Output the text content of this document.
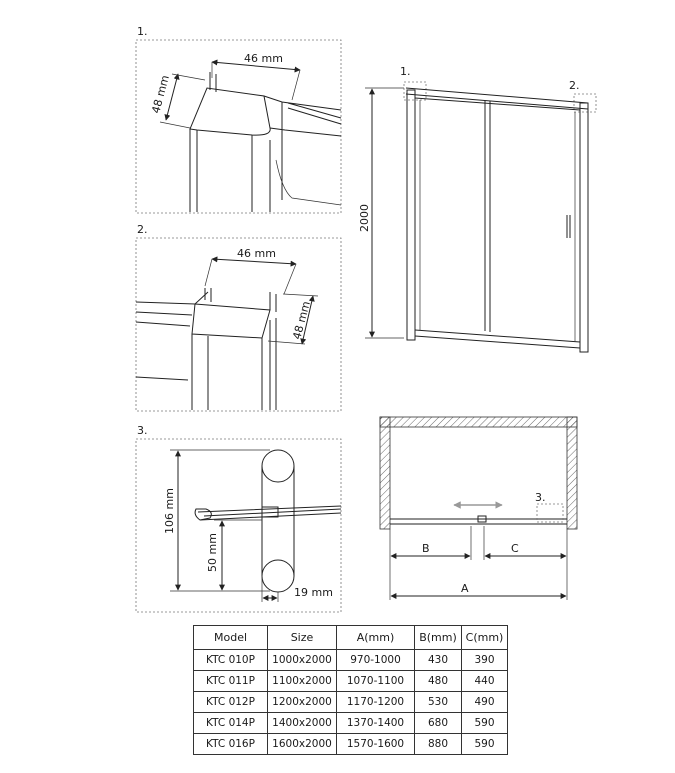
1.
46 mm
48 mm
2.
46 mm
48 mm
3.
106 mm
50 mm
19 mm
1.
2.
2000
3.
B	C
A
Model	Size	A(mm)	B(mm)	C(mm)
KTC 010P	1000x2000	970-1000	430	390
KTC 011P	1100x2000	1070-1100	480	440
KTC 012P	1200x2000	1170-1200	530	490
KTC 014P	1400x2000	1370-1400	680	590
KTC 016P	1600x2000	1570-1600	880	590
